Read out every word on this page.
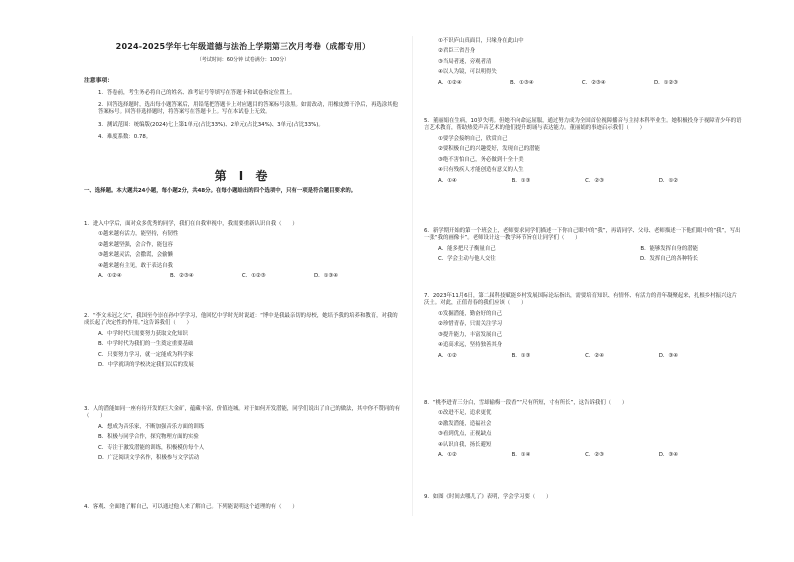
2024-2025学年七年级道德与法治上学期第三次月考卷（成都专用）
（考试时间：60分钟 试卷满分：100分）
注意事项：
1．答卷前，考生务必将自己的姓名、准考证号等填写在答题卡和试卷指定位置上。
2．回答选择题时，选出每小题答案后，用铅笔把答题卡上对应题目的答案标号涂黑。如需改动，用橡皮擦干净后，再选涂其他答案标号。回答非选择题时，将答案写在答题卡上。写在本试卷上无效。
3．测试范围：统编版(2024)七上第1单元(占比33%)、2单元(占比34%)、3单元(占比33%)。
4．难度系数：0.78。
第 I 卷
一、选择题。本大题共24小题，每小题2分，共48分。在每小题给出的四个选项中，只有一项是符合题目要求的。
1．进入中学后，面对众多优秀的同学，我们在自我审视中，我需要重新认识自我（　　）
①越来越有活力，能坚持，有韧性
②越来越坚强，会合作，能包容
③越来越灵活，会撒谎，会偷懒
④越来越有主见，敢于表达自我
A．①②④	B．②③④	C．①②③	D．①③④
2．“李文未冠之父”，我国至今崇在孙中学学习，他回忆中学时光时说道：“博中是我最亲切的母校，她培予我的培养和教育，对我的成长起了决定性的作用。”这告诉我们（　　）
A．中学时代只需要努力获取文化知识
B．中学时代为我们的一生奠定重要基础
C．只要努力学习，就一定能成为科学家
D．中学就读的学校决定我们以后的发展
3．人的潜能如同一座有待开发的巨大金矿，蕴藏丰富，价值连城。对于如何开发潜能，同学们说出了自己的做法，其中你不赞同的有（　　）
A．想成为音乐家，不断加强音乐方面的训练
B．积极与同学合作，探究物理方面的实验
C．专注于激发潜能的训练，积极模仿每个人
D．广泛阅读文学名作，积极参与文学活动
4．客观、全面地了解自己，可以通过他人来了解自己。下列能说明这个道理的有（　　）
①不识庐山真面目，只缘身在此山中
②君臣三省吾身
③当局者迷，旁观者清
④以人为镜，可以明得失
A．①②④	B．①③④	C．②③④	D．①②③
5．董丽娟在生病，10岁失明。但她不向命运屈服，通过努力成为全国首位视障播音与主持本科毕业生。她积极投身于视障青少年的语言艺术教育，帮助热爱声音艺术的他们提升朗诵与表达能力。董丽娟的事迹启示我们（　　）
①要学会接纳自己，欣赏自己
②要积极自己的兴趣爱好，发现自己的潜能
③绝不害怕自己，务必做到十全十美
④只有残疾人才能创造有意义的人生
A．①④	B．①③	C．②③	D．①②
6．新学期开始的第一个班会上，老师要求同学们描述一下你自己眼中的“我”，再请同学、父母、老师描述一下他们眼中的“我”，写出一张“我的画像卡”。老师设计这一教学环节旨在让同学们（　　）
A．能多把尺子衡量自己	B．能够发挥自身的潜能
C．学会主动与他人交往	D．发挥自己的各种特长
7．2023年11月6日，第二届科技赋能乡村发展国际论坛指出，需要培育知识、有情怀、有活力的青年凝聚起来，扎根乡村振兴这片沃土。对此，正值青春的我们应该（　　）
①发掘潜能，勤奋好的自己
②珍惜青春，只需关注学习
③提升能力，丰富发展自己
④追高求远，坚持独善其身
A．①②	B．①③	C．②④	D．③④
8．“桃李进青三分白，雪却输梅一段香”“尺有所短，寸有所长”，这告诉我们（　　）
①改进不足，追求更优
②激发潜能，造福社会
③看到优点，正视缺点
④认识自我，扬长避短
A．①②	B．①④	C．②③	D．③④
9．如图《时间去哪儿了》表明，学会学习要（　　）
